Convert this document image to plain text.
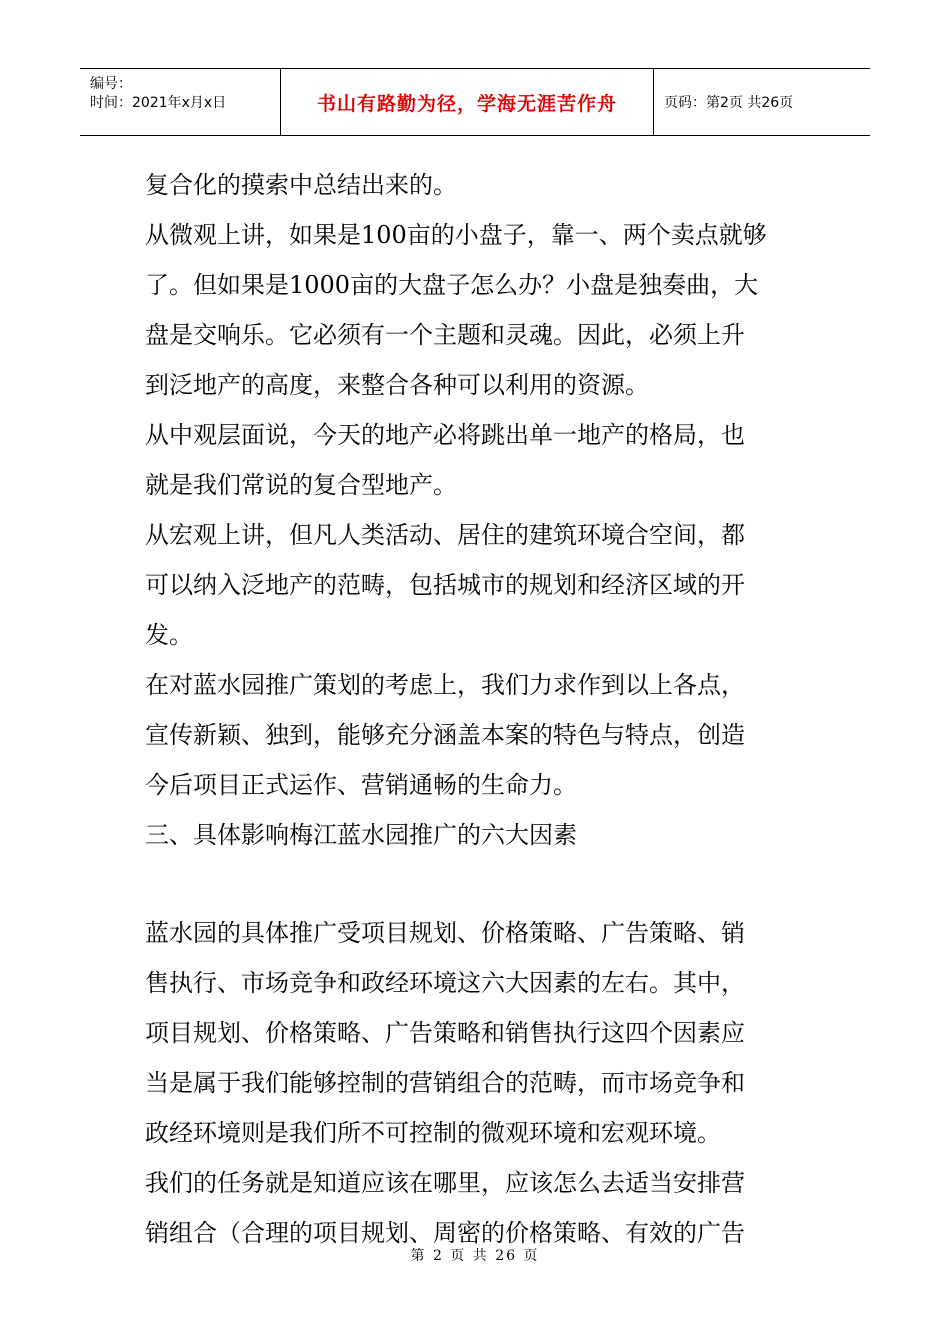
编号：
时间：2021年x月x日	书山有路勤为径，学海无涯苦作舟	页码：第2页 共26页

复合化的摸索中总结出来的。

从微观上讲，如果是100亩的小盘子，靠一、两个卖点就够

了。但如果是1000亩的大盘子怎么办？小盘是独奏曲，大

盘是交响乐。它必须有一个主题和灵魂。因此，必须上升

到泛地产的高度，来整合各种可以利用的资源。

从中观层面说，今天的地产必将跳出单一地产的格局，也

就是我们常说的复合型地产。

从宏观上讲，但凡人类活动、居住的建筑环境合空间，都

可以纳入泛地产的范畴，包括城市的规划和经济区域的开

发。

在对蓝水园推广策划的考虑上，我们力求作到以上各点，

宣传新颖、独到，能够充分涵盖本案的特色与特点，创造

今后项目正式运作、营销通畅的生命力。

三、具体影响梅江蓝水园推广的六大因素

蓝水园的具体推广受项目规划、价格策略、广告策略、销

售执行、市场竞争和政经环境这六大因素的左右。其中，

项目规划、价格策略、广告策略和销售执行这四个因素应

当是属于我们能够控制的营销组合的范畴，而市场竞争和

政经环境则是我们所不可控制的微观环境和宏观环境。

我们的任务就是知道应该在哪里，应该怎么去适当安排营

销组合（合理的项目规划、周密的价格策略、有效的广告

第 2 页 共 26 页
